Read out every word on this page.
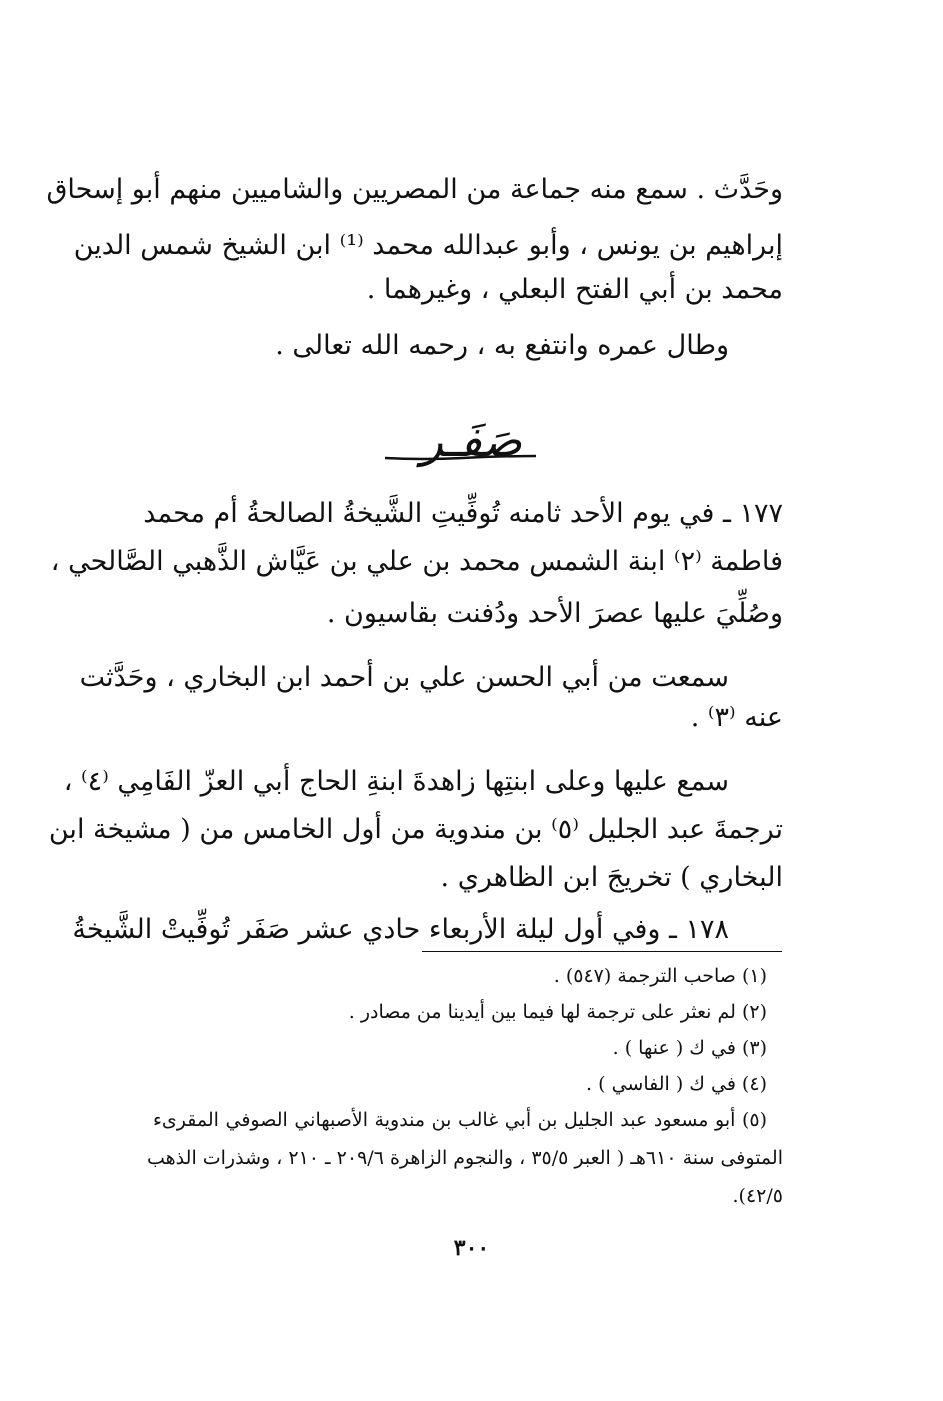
وحَدَّث . سمع منه جماعة من المصريين والشاميين منهم أبو إسحاق
إبراهيم بن يونس ، وأبو عبدالله محمد ⁽¹⁾ ابن الشيخ شمس الدين
محمد بن أبي الفتح البعلي ، وغيرهما .
وطال عمره وانتفع به ، رحمه الله تعالى .
صَفَـر
١٧٧ ـ في يوم الأحد ثامنه تُوفِّيتِ الشَّيخةُ الصالحةُ أم محمد
فاطمة ⁽٢⁾ ابنة الشمس محمد بن علي بن عَيَّاش الذَّهبي الصَّالحي ،
وصُلِّيَ عليها عصرَ الأحد ودُفنت بقاسيون .
سمعت من أبي الحسن علي بن أحمد ابن البخاري ، وحَدَّثت
عنه ⁽٣⁾ .
سمع عليها وعلى ابنتِها زاهدةَ ابنةِ الحاج أبي العزّ الفَامِي ⁽٤⁾ ،
ترجمةَ عبد الجليل ⁽٥⁾ بن مندوية من أول الخامس من ( مشيخة ابن
البخاري ) تخريجَ ابن الظاهري .
١٧٨ ـ وفي أول ليلة الأربعاء حادي عشر صَفَر تُوفِّيتْ الشَّيخةُ
(١) صاحب الترجمة (٥٤٧) .
(٢) لم نعثر على ترجمة لها فيما بين أيدينا من مصادر .
(٣) في ك ( عنها ) .
(٤) في ك ( الفاسي ) .
(٥) أبو مسعود عبد الجليل بن أبي غالب بن مندوية الأصبهاني الصوفي المقرىء
المتوفى سنة ٦١٠هـ ( العبر ٣٥/٥ ، والنجوم الزاهرة ٢٠٩/٦ ـ ٢١٠ ، وشذرات الذهب
٤٢/٥).
٣٠٠
